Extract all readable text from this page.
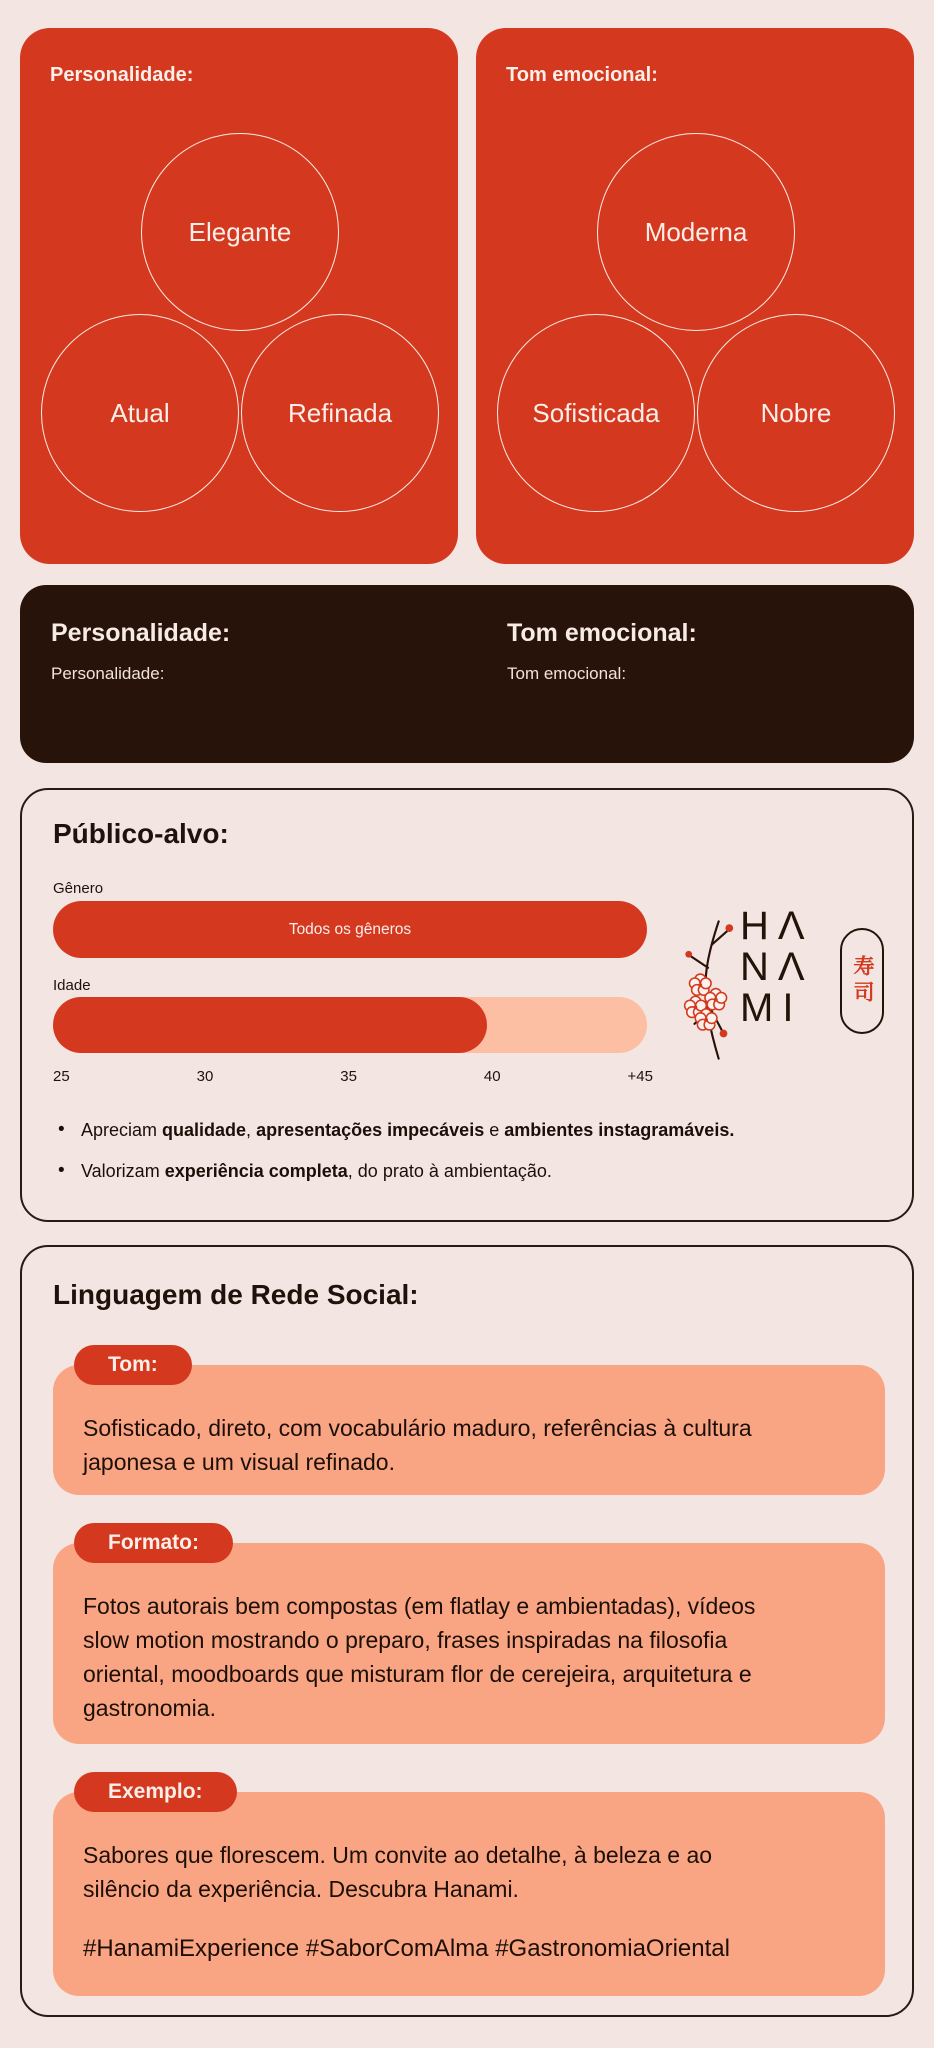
Personalidade:
Elegante
Atual	Refinada
Tom emocional:
Moderna
Sofisticada	Nobre
Personalidade:

Personalidade:

Tom emocional:

Tom emocional:

Público-alvo:
Gênero
Todos os gêneros
Idade
25	30	35	40	+45
• Apreciam qualidade, apresentações impecáveis e ambientes instagramáveis.
• Valorizam experiência completa, do prato à ambientação.
HΛ
NΛ
MI
寿司
Linguagem de Rede Social:
Tom:

Sofisticado, direto, com vocabulário maduro, referências à cultura japonesa e um visual refinado.

Formato:

Fotos autorais bem compostas (em flatlay e ambientadas), vídeos slow motion mostrando o preparo, frases inspiradas na filosofia oriental, moodboards que misturam flor de cerejeira, arquitetura e gastronomia.

Exemplo:

Sabores que florescem. Um convite ao detalhe, à beleza e ao silêncio da experiência. Descubra Hanami.

#HanamiExperience #SaborComAlma #GastronomiaOriental
